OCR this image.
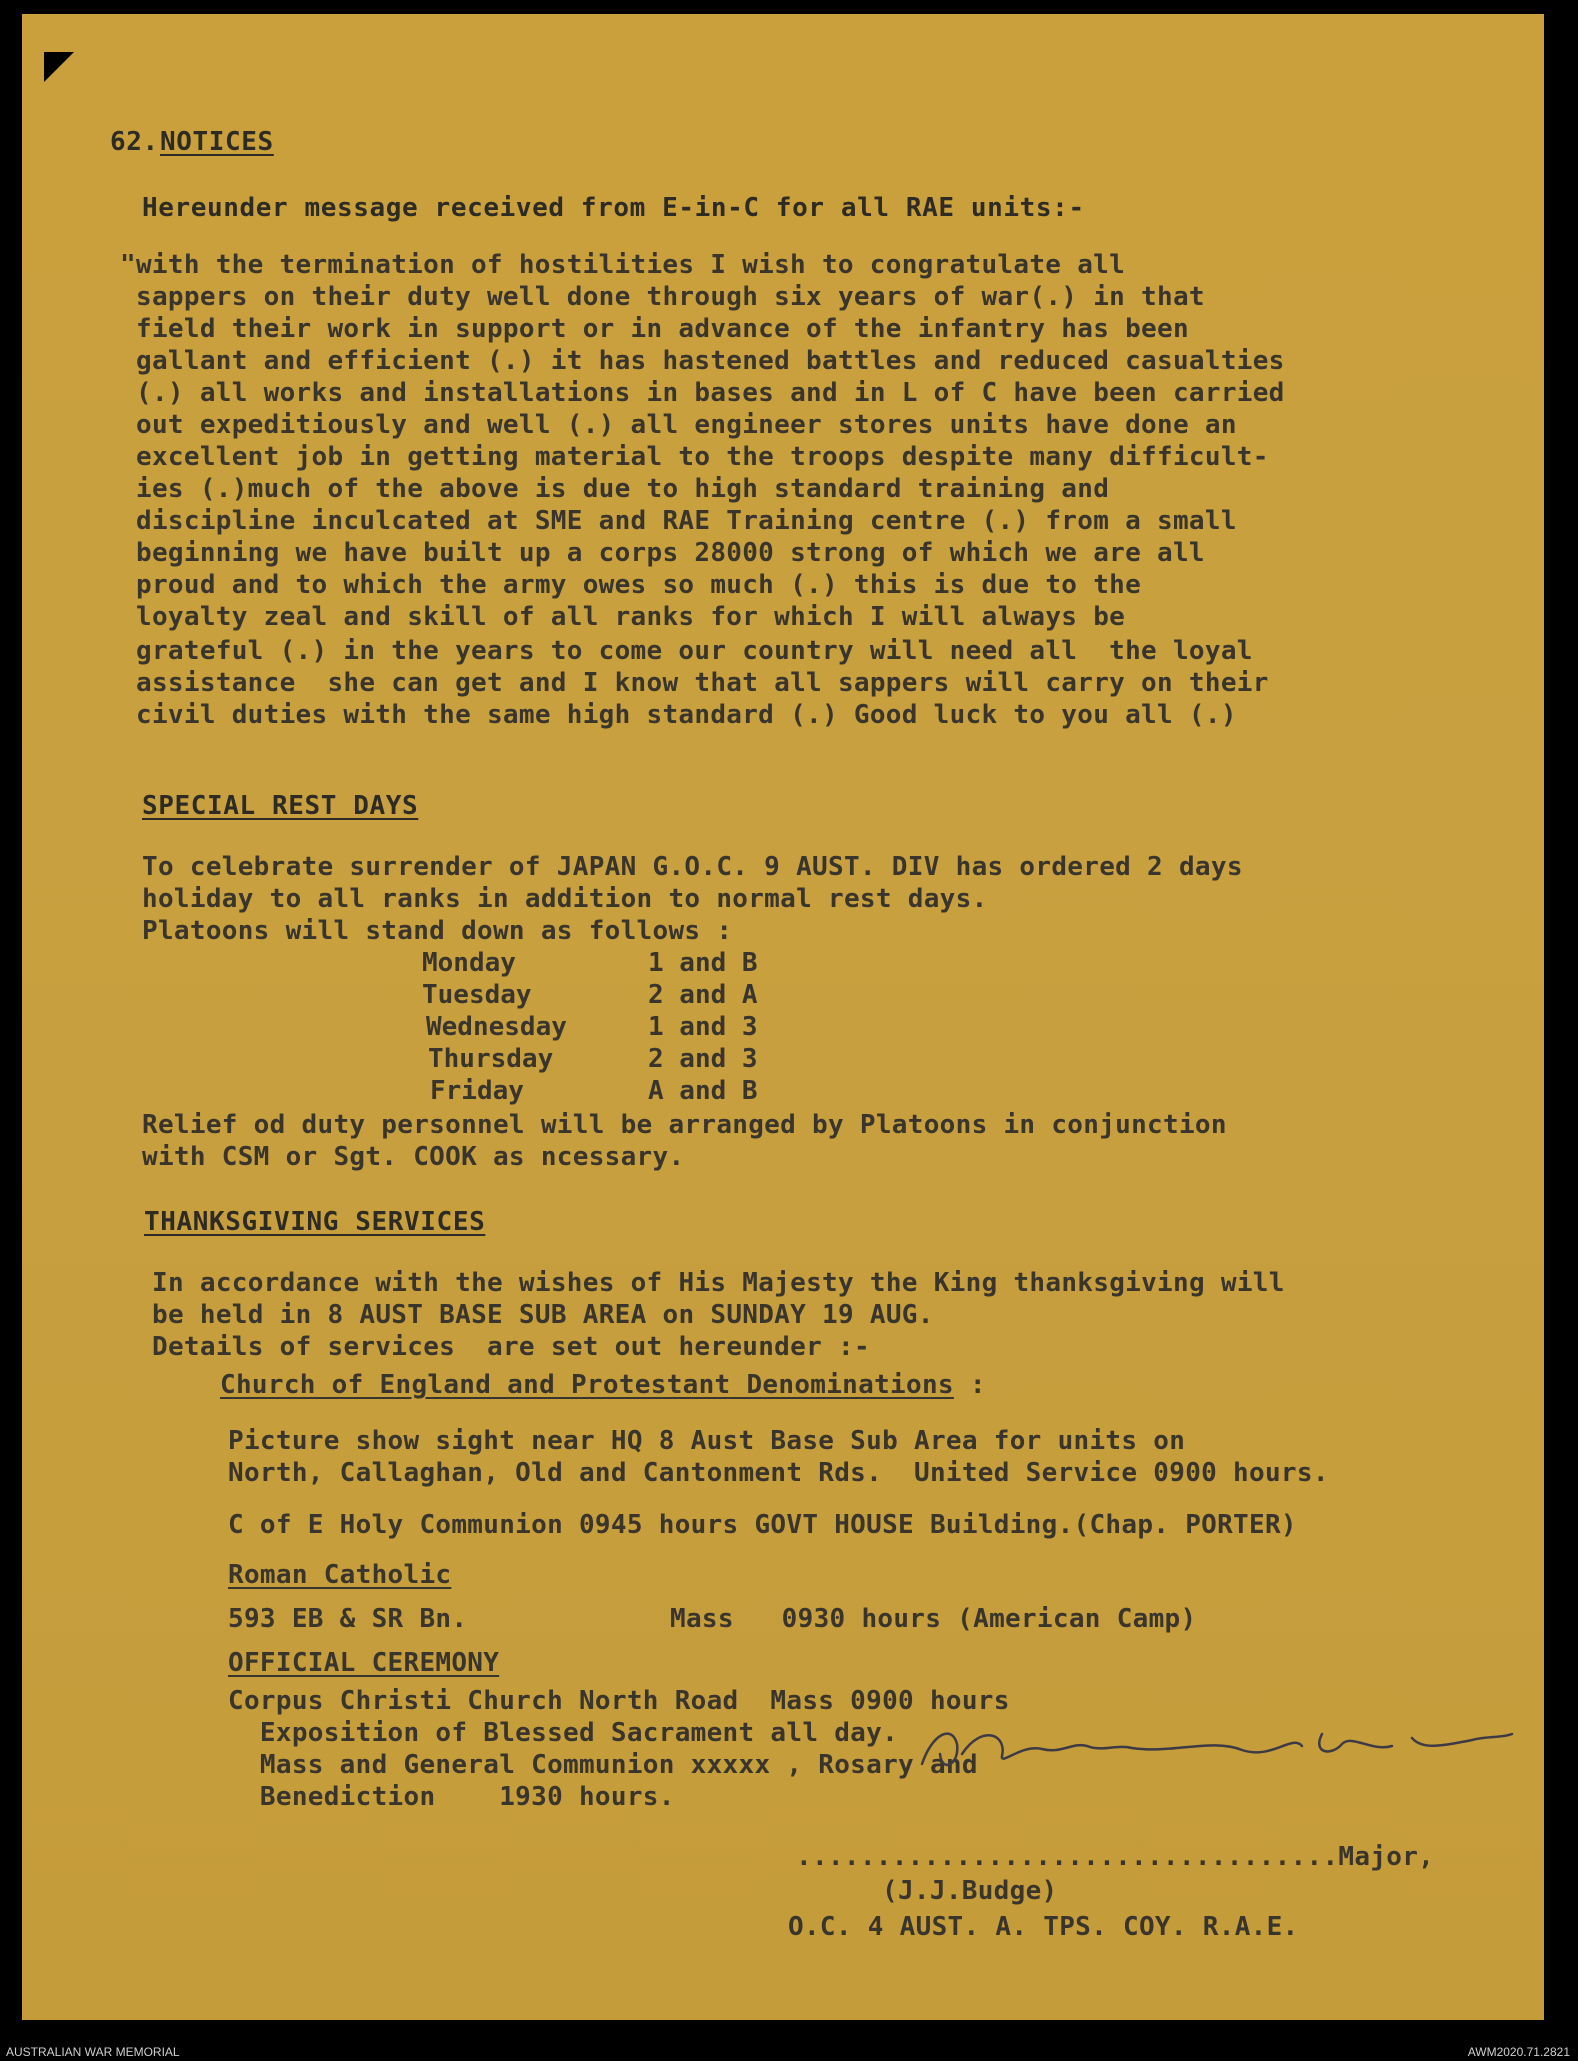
62. NOTICES
Hereunder message received from E-in-C for all RAE units:-
"with the termination of hostilities I wish to congratulate all
sappers on their duty well done through six years of war(.) in that
field their work in support or in advance of the infantry has been
gallant and efficient (.) it has hastened battles and reduced casualties
(.) all works and installations in bases and in L of C have been carried
out expeditiously and well (.) all engineer stores units have done an
excellent job in getting material to the troops despite many difficult-
ies (.)much of the above is due to high standard training and
discipline inculcated at SME and RAE Training centre (.) from a small
beginning we have built up a corps 28000 strong of which we are all
proud and to which the army owes so much (.) this is due to the
loyalty zeal and skill of all ranks for which I will always be
grateful (.) in the years to come our country will need all  the loyal
assistance  she can get and I know that all sappers will carry on their
civil duties with the same high standard (.) Good luck to you all (.)
SPECIAL REST DAYS
To celebrate surrender of JAPAN G.O.C. 9 AUST. DIV has ordered 2 days
holiday to all ranks in addition to normal rest days.
Platoons will stand down as follows :
Monday	1 and B
Tuesday	2 and A
Wednesday	1 and 3
Thursday	2 and 3
Friday	A and B
Relief od duty personnel will be arranged by Platoons in conjunction
with CSM or Sgt. COOK as ncessary.
THANKSGIVING SERVICES
In accordance with the wishes of His Majesty the King thanksgiving will
be held in 8 AUST BASE SUB AREA on SUNDAY 19 AUG.
Details of services  are set out hereunder :-
Church of England and Protestant Denominations :
Picture show sight near HQ 8 Aust Base Sub Area for units on
North, Callaghan, Old and Cantonment Rds.  United Service 0900 hours.
C of E Holy Communion 0945 hours GOVT HOUSE Building.(Chap. PORTER)
Roman Catholic
593 EB & SR Bn.	Mass   0930 hours (American Camp)
OFFICIAL CEREMONY
Corpus Christi Church North Road  Mass 0900 hours
Exposition of Blessed Sacrament all day.
Mass and General Communion xxxxx , Rosary and
Benediction    1930 hours.
..................................Major,
(J.J.Budge)
O.C. 4 AUST. A. TPS. COY. R.A.E.
AUSTRALIAN WAR MEMORIAL	AWM2020.71.2821
